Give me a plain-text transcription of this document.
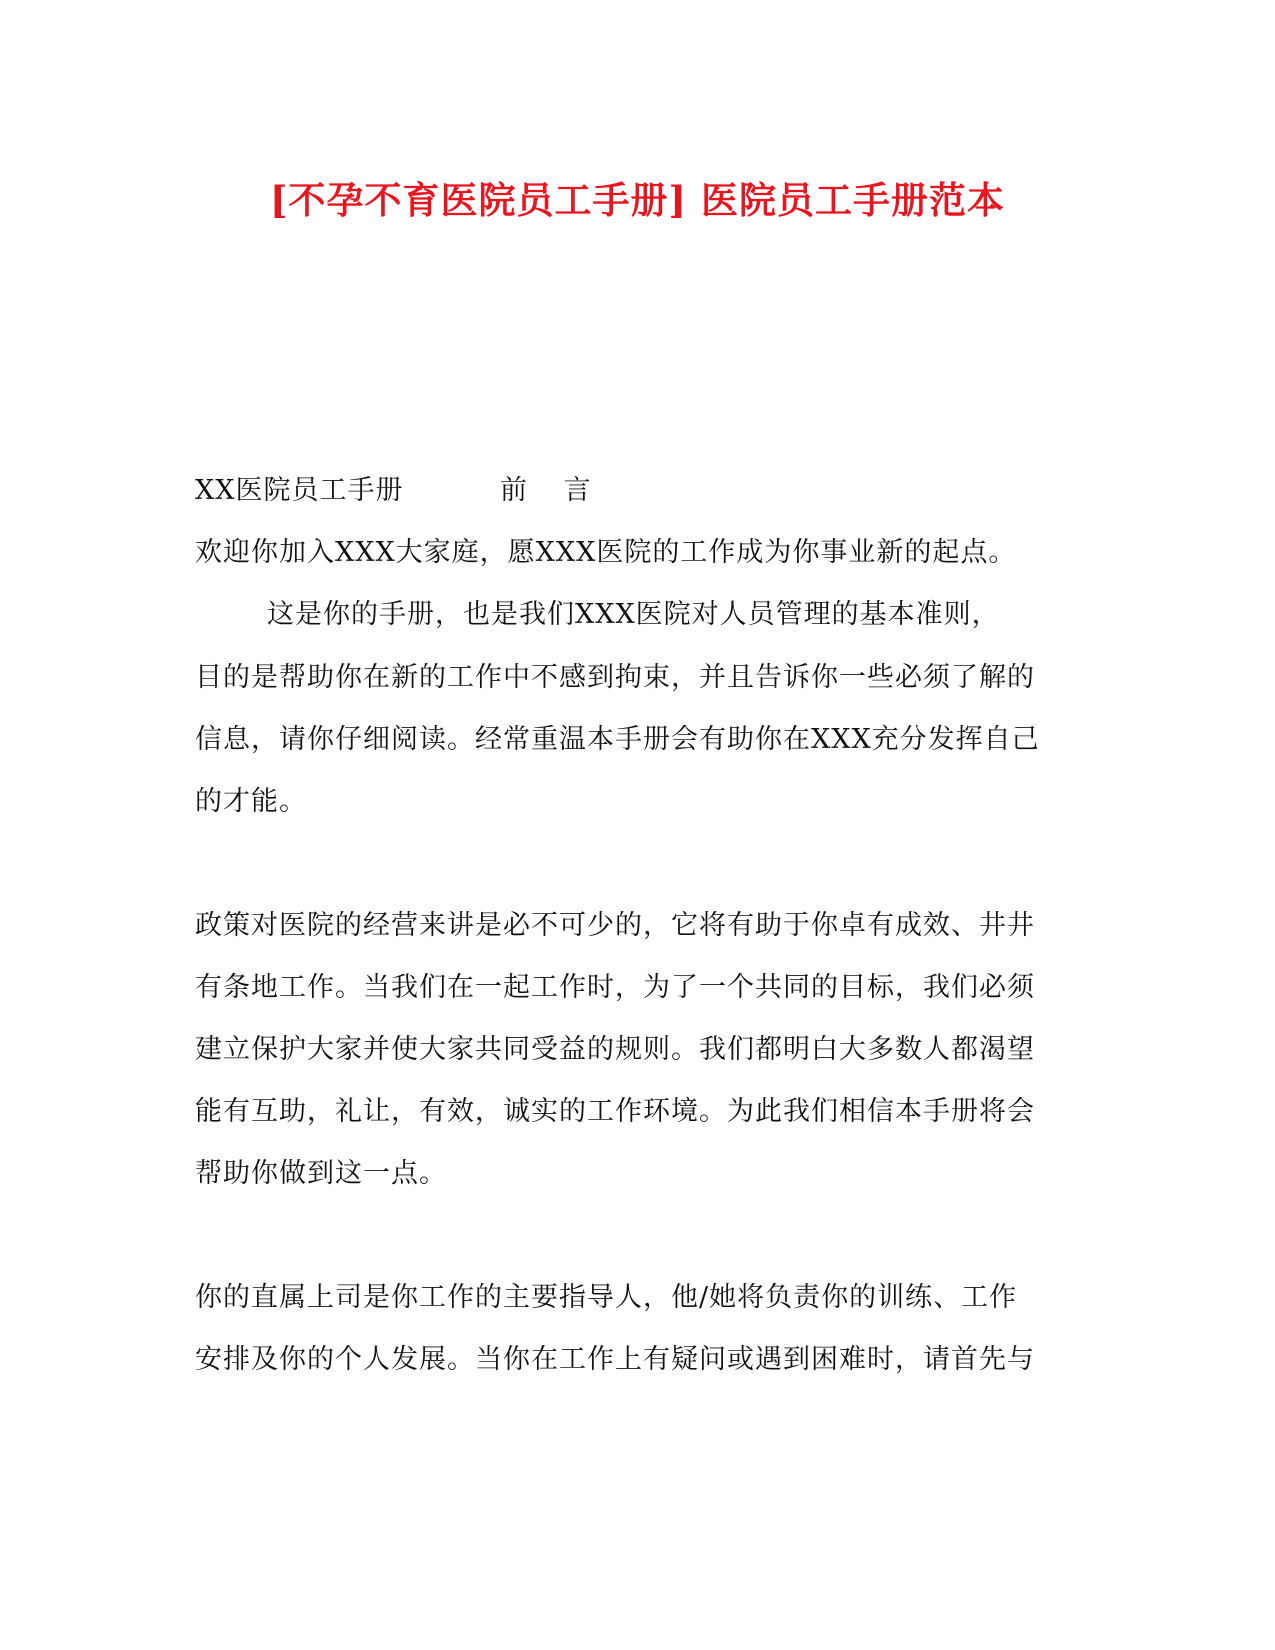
[不孕不育医院员工手册] 医院员工手册范本
XX医院员工手册	前 言
欢迎你加入XXX大家庭，愿XXX医院的工作成为你事业新的起点。
这是你的手册，也是我们XXX医院对人员管理的基本准则，
目的是帮助你在新的工作中不感到拘束，并且告诉你一些必须了解的
信息，请你仔细阅读。经常重温本手册会有助你在XXX充分发挥自己
的才能。
政策对医院的经营来讲是必不可少的，它将有助于你卓有成效、井井
有条地工作。当我们在一起工作时，为了一个共同的目标，我们必须
建立保护大家并使大家共同受益的规则。我们都明白大多数人都渴望
能有互助，礼让，有效，诚实的工作环境。为此我们相信本手册将会
帮助你做到这一点。
你的直属上司是你工作的主要指导人，他/她将负责你的训练、工作
安排及你的个人发展。当你在工作上有疑问或遇到困难时，请首先与
